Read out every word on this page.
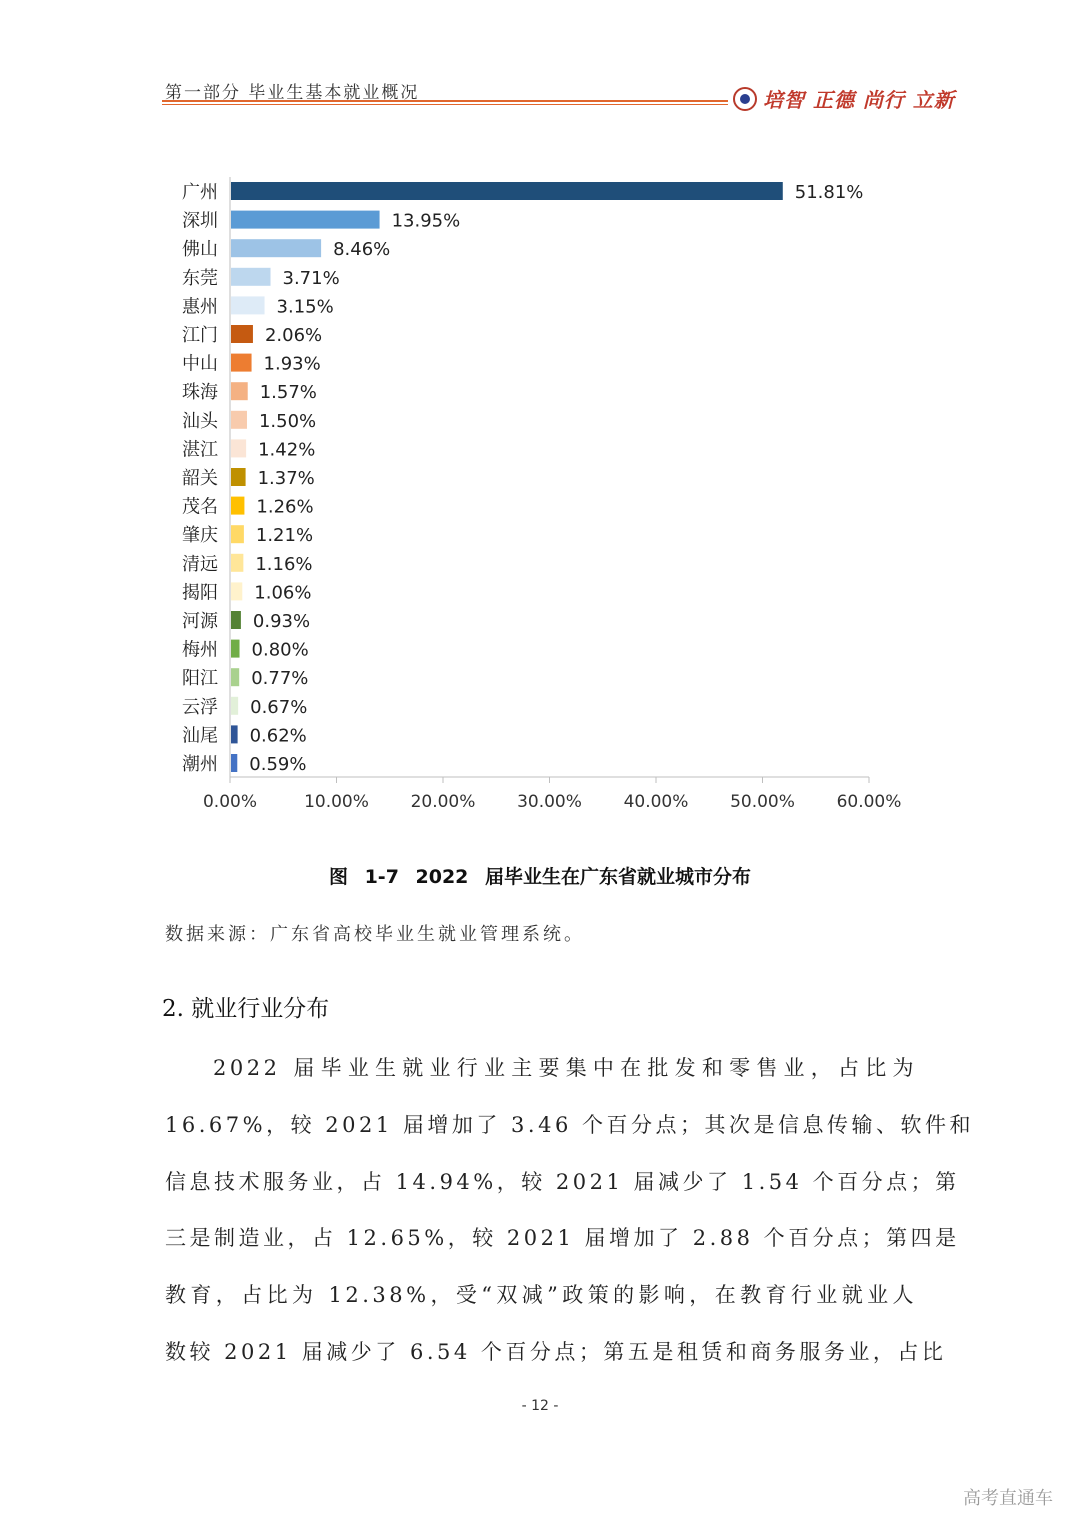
第一部分 毕业生基本就业概况	培智 正德 尚行 立新
0.00%	10.00% 20.00% 30.00% 40.00% 50.00% 60.00%
广州	51.81%
深圳	13.95%
佛山	8.46%
东莞	3.71%
惠州	3.15%
江门	2.06%
中山	1.93%
珠海 1.57%
汕头 1.50%
湛江 1.42%
韶关 1.37%
茂名 1.26%
肇庆 1.21%
清远 1.16%
揭阳 1.06%
河源 0.93%
梅州 0.80%
阳江 0.77%
云浮 0.67%
汕尾 0.62%
潮州 0.59%
图 1-7 2022 届毕业生在广东省就业城市分布
数据来源：广东省高校毕业生就业管理系统。
2. 就业行业分布
2022 届毕业生就业行业主要集中在批发和零售业，占比为
16.67%，较 2021 届增加了 3.46 个百分点；其次是信息传输、软件和
信息技术服务业，占 14.94%，较 2021 届减少了 1.54 个百分点；第
三是制造业，占 12.65%，较 2021 届增加了 2.88 个百分点；第四是
教育，占比为 12.38%，受“双减”政策的影响，在教育行业就业人
数较 2021 届减少了 6.54 个百分点；第五是租赁和商务服务业，占比
- 12 -
高考直通车
